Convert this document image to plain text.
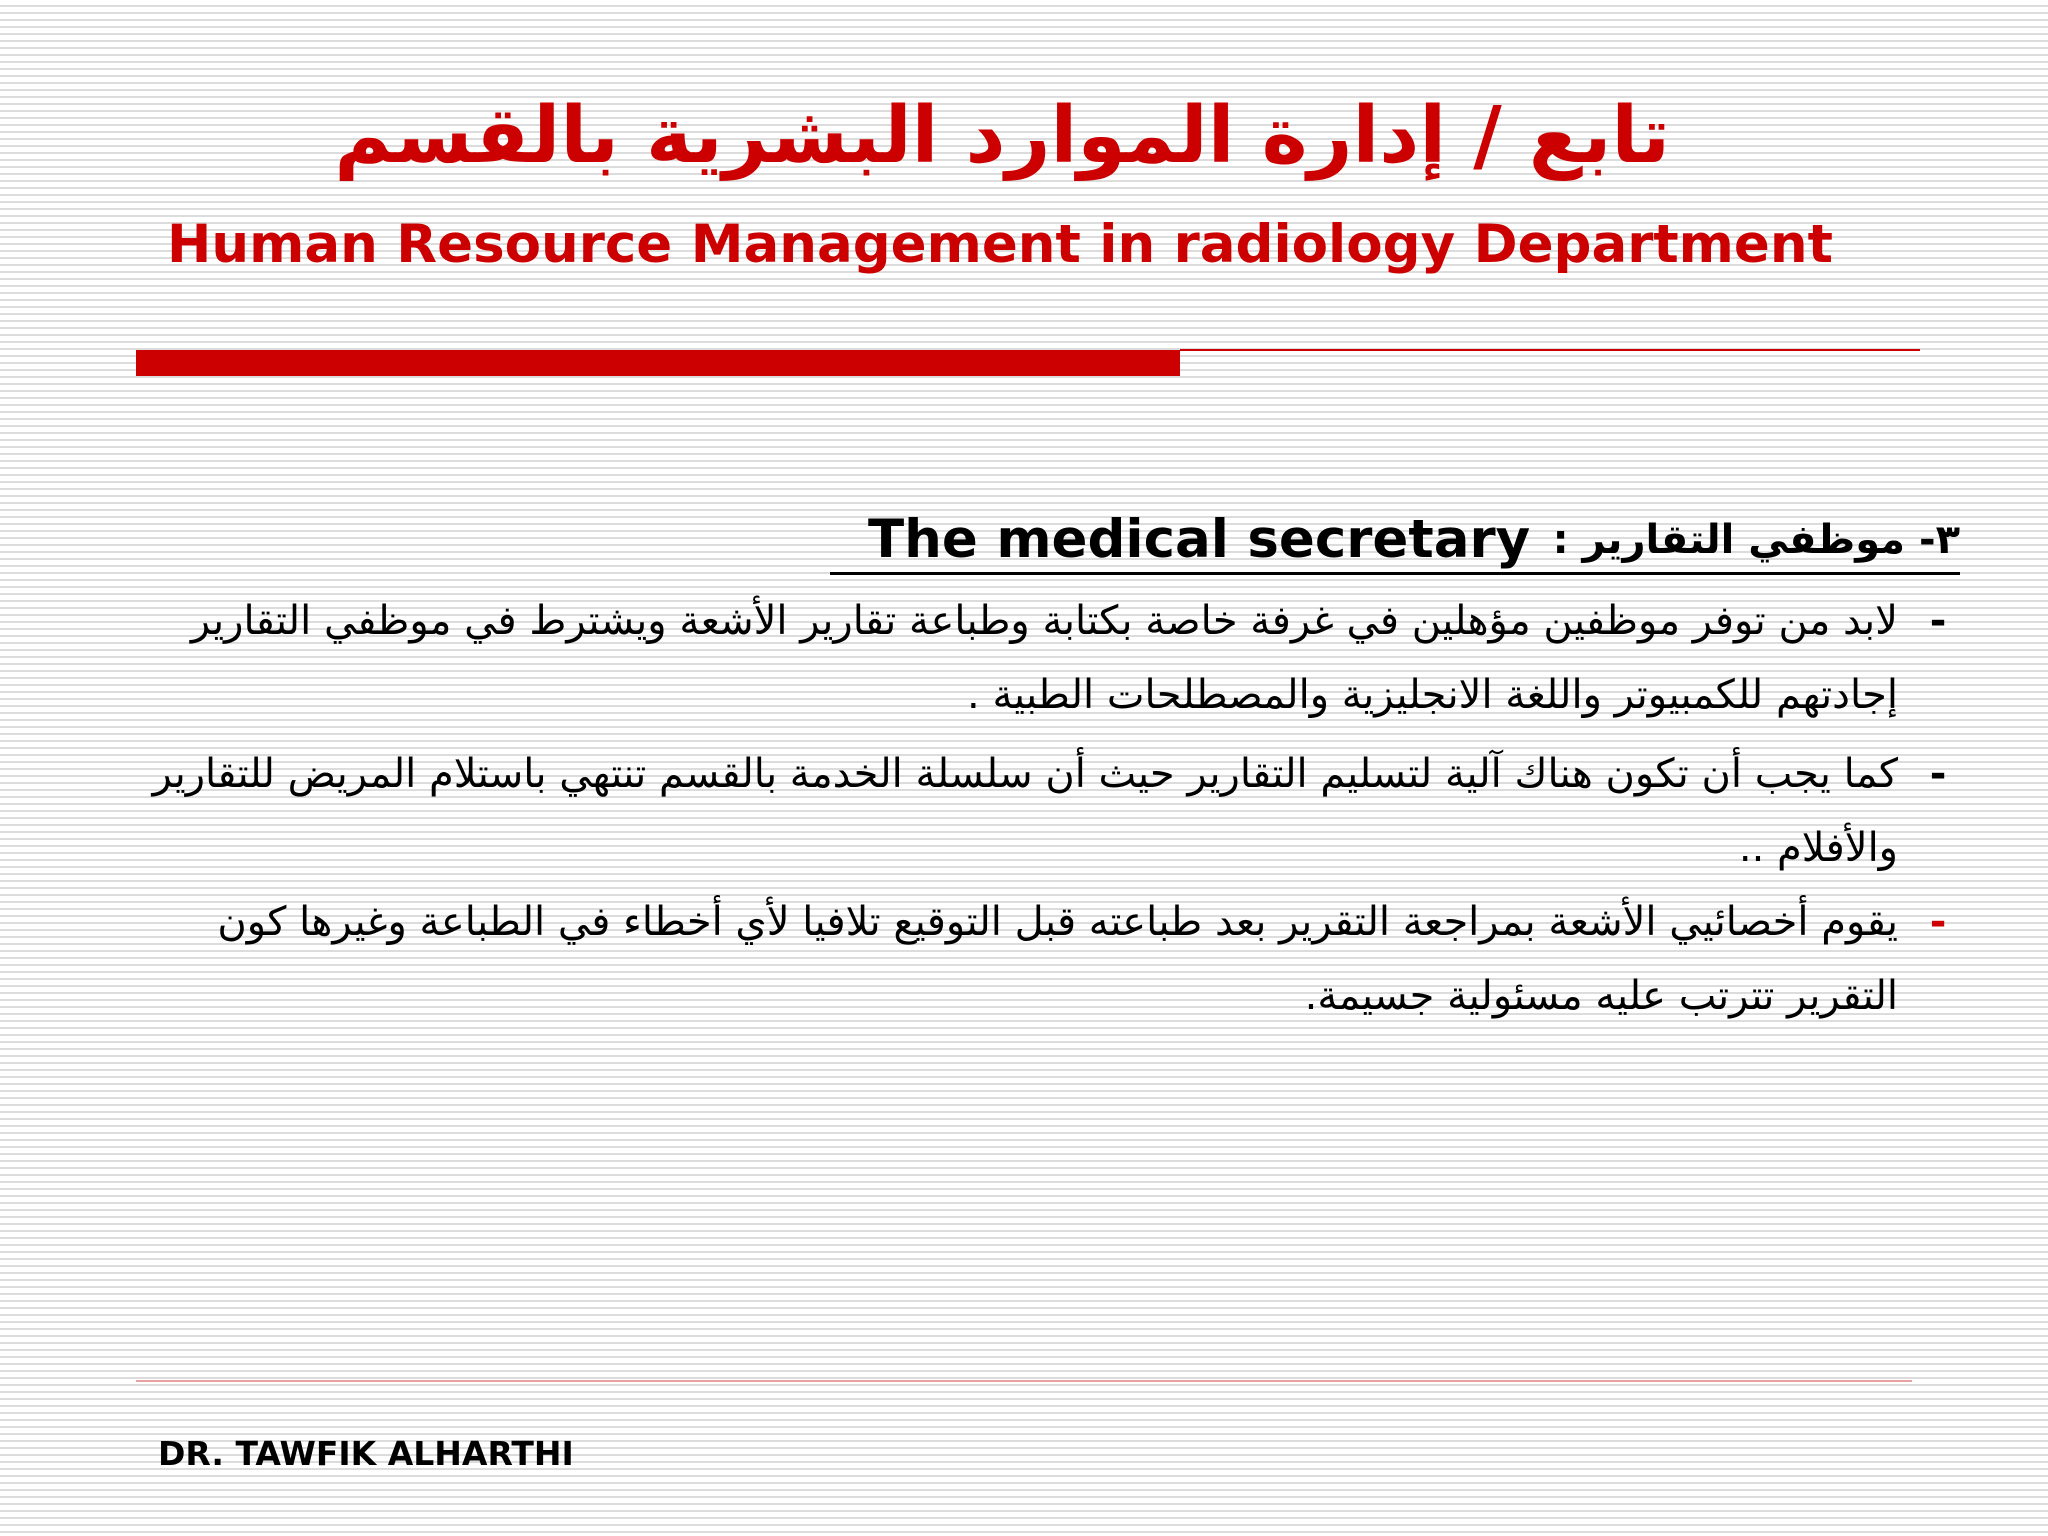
تابع / إدارة الموارد البشرية بالقسم
Human Resource Management in radiology Department
The medical secretary ٣- موظفي التقارير :
-
لابد من توفر موظفين مؤهلين في غرفة خاصة بكتابة وطباعة تقارير الأشعة ويشترط في موظفي التقارير إجادتهم للكمبيوتر واللغة الانجليزية والمصطلحات الطبية .
-
كما يجب أن تكون هناك آلية لتسليم التقارير حيث أن سلسلة الخدمة بالقسم تنتهي باستلام المريض للتقارير والأفلام ..
-
يقوم أخصائيي الأشعة بمراجعة التقرير بعد طباعته قبل التوقيع تلافيا لأي أخطاء في الطباعة وغيرها كون التقرير تترتب عليه مسئولية جسيمة.
DR. TAWFIK ALHARTHI
